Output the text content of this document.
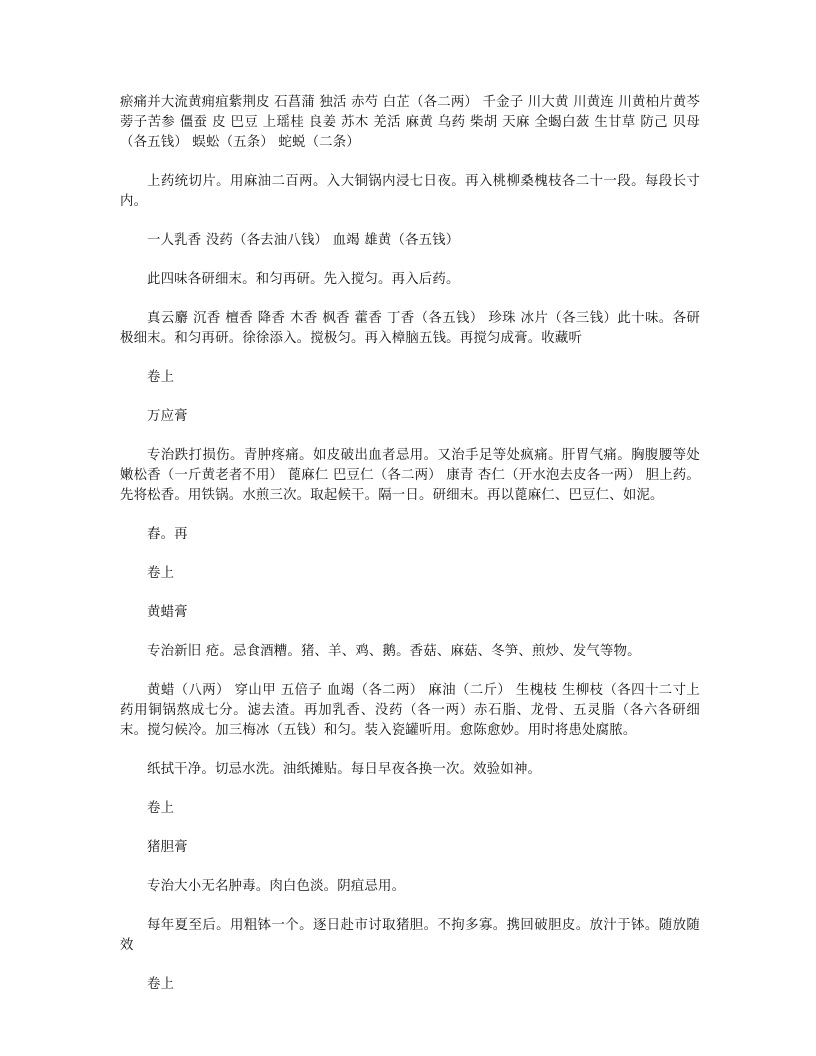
瘀痛并大流黄痈疽紫荆皮 石菖蒲 独活 赤芍 白芷（各二两） 千金子 川大黄 川黄连 川黄柏片黄芩蒡子苦参 僵蚕 皮 巴豆 上瑶桂 良姜 苏木 羌活 麻黄 乌药 柴胡 天麻 全蝎白蔹 生甘草 防己 贝母（各五钱） 蜈蚣（五条） 蛇蜕（二条）

上药统切片。用麻油二百两。入大铜锅内浸七日夜。再入桃柳桑槐枝各二十一段。每段长寸内。

一人乳香 没药（各去油八钱） 血竭 雄黄（各五钱）

此四味各研细末。和匀再研。先入搅匀。再入后药。

真云麝 沉香 檀香 降香 木香 枫香 藿香 丁香（各五钱） 珍珠 冰片（各三钱）此十味。各研极细末。和匀再研。徐徐添入。搅极匀。再入樟脑五钱。再搅匀成膏。收藏听

卷上

万应膏

专治跌打损伤。青肿疼痛。如皮破出血者忌用。又治手足等处疯痛。肝胃气痛。胸腹腰等处嫩松香（一斤黄老者不用） 蓖麻仁 巴豆仁（各二两） 康青 杏仁（开水泡去皮各一两） 胆上药。先将松香。用铁锅。水煎三次。取起候干。隔一日。研细末。再以蓖麻仁、巴豆仁、如泥。

舂。再

卷上

黄蜡膏

专治新旧 疮。忌食酒糟。猪、羊、鸡、鹅。香菇、麻菇、冬笋、煎炒、发气等物。

黄蜡（八两） 穿山甲 五倍子 血竭（各二两） 麻油（二斤） 生槐枝 生柳枝（各四十二寸上药用铜锅熬成七分。滤去渣。再加乳香、没药（各一两）赤石脂、龙骨、五灵脂（各六各研细末。搅匀候冷。加三梅冰（五钱）和匀。装入瓷罐听用。愈陈愈妙。用时将患处腐脓。

纸拭干净。切忌水洗。油纸摊贴。每日早夜各换一次。效验如神。

卷上

猪胆膏

专治大小无名肿毒。肉白色淡。阴疽忌用。

每年夏至后。用粗钵一个。逐日赴市讨取猪胆。不拘多寡。携回破胆皮。放汁于钵。随放随效

卷上
